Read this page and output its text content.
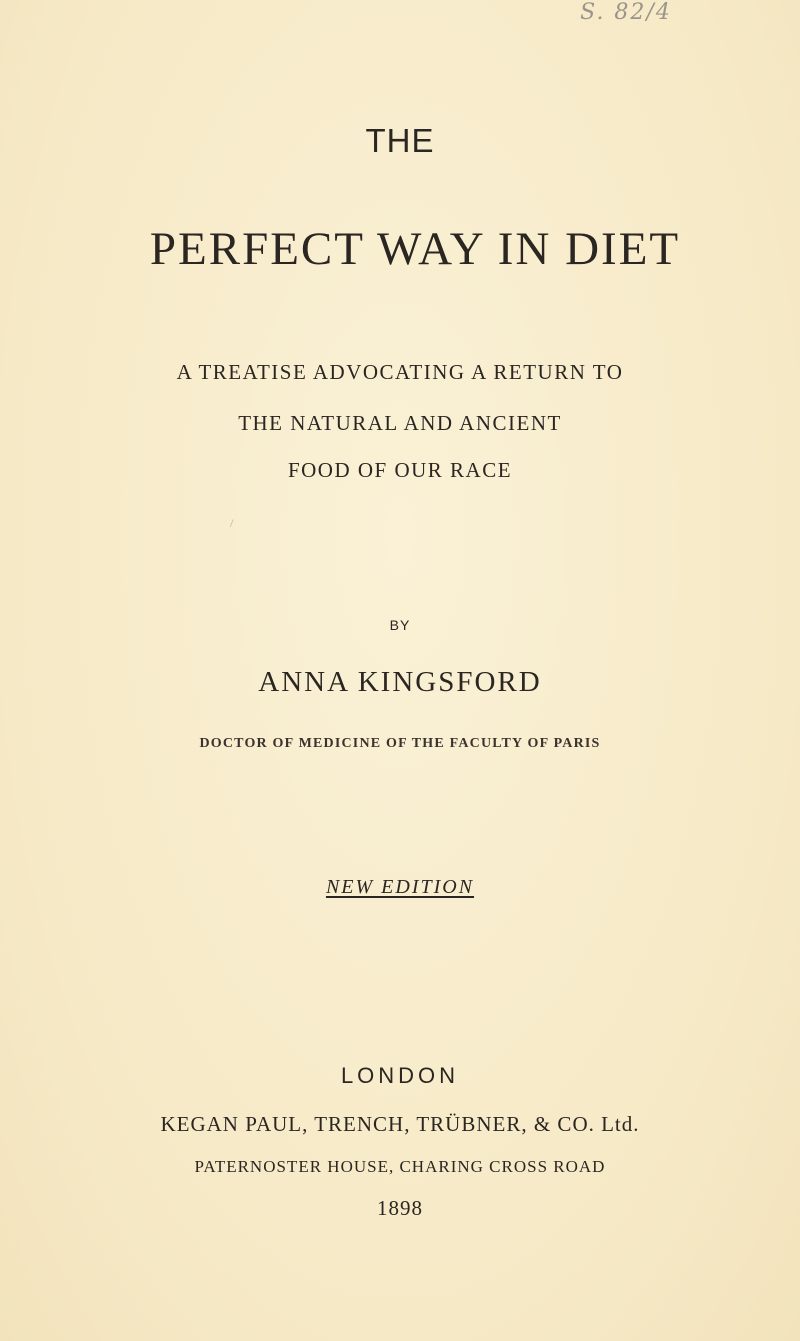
S. 82/4
THE
PERFECT WAY IN DIET
A TREATISE ADVOCATING A RETURN TO
THE NATURAL AND ANCIENT
FOOD OF OUR RACE
/
BY
ANNA KINGSFORD
DOCTOR OF MEDICINE OF THE FACULTY OF PARIS
NEW EDITION
LONDON
KEGAN PAUL, TRENCH, TRÜBNER, & CO. Ltd.
PATERNOSTER HOUSE, CHARING CROSS ROAD
1898
